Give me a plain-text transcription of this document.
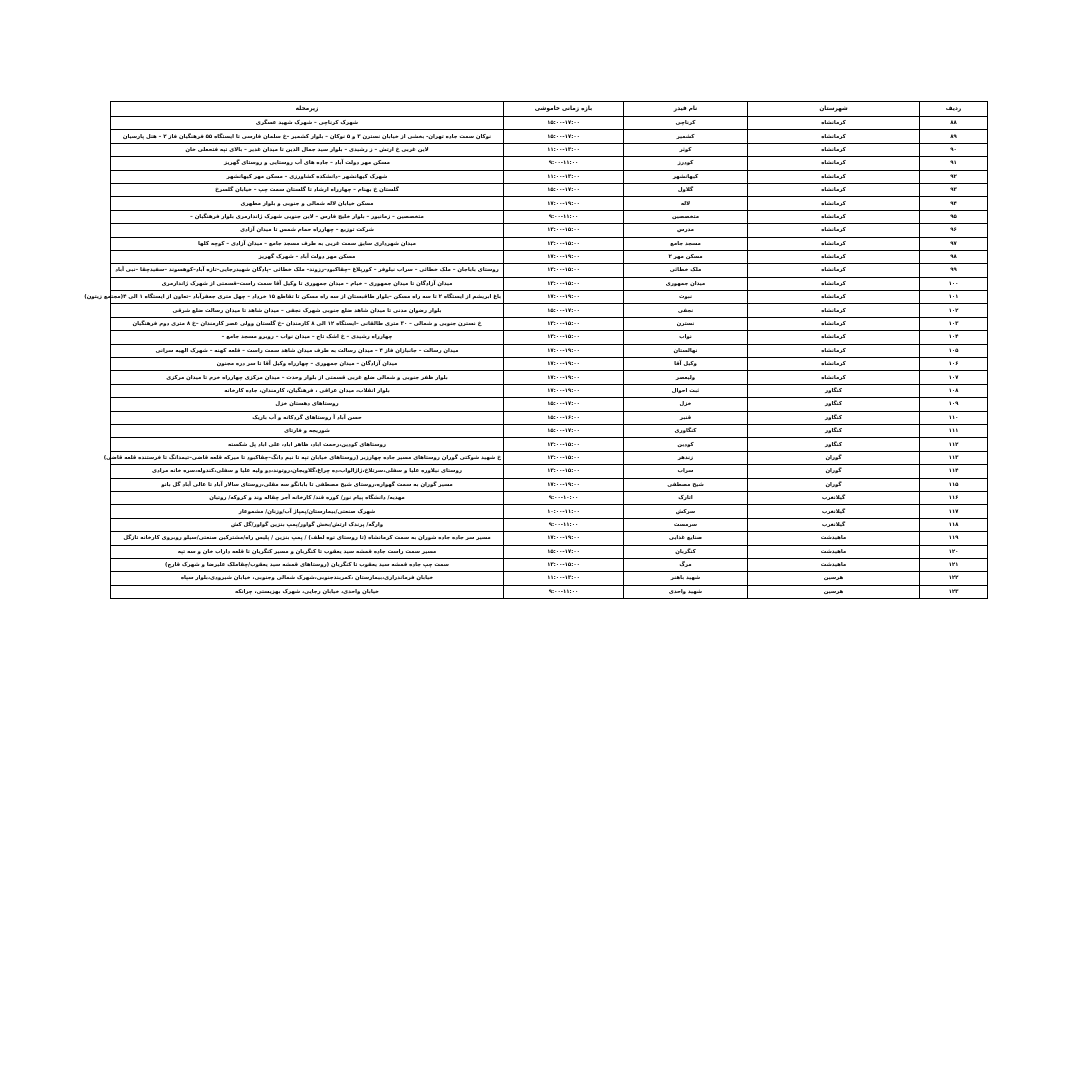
ردیف	شهرستان	نام فیدر	بازه زمانی خاموشی	زیرمحله
۸۸	کرمانشاه	کرناچی	۱۵:۰۰-۱۷:۰۰	شهرک کرناچی – شهرک شهید عسگری
۸۹	کرمانشاه	کشمیر	۱۵:۰۰-۱۷:۰۰	نوکان سمت جاده تهران- بخشی از خیابان نسترن ۳ و ۵ نوکان – بلوار کشمیر –خ سلمان فارسی تا ایستگاه ۵۵ فرهنگیان فاز ۲ – هتل پارسیان
۹۰	کرمانشاه	کوثر	۱۱:۰۰-۱۳:۰۰	لاین غربی خ ارتش – ز رشیدی – بلوار سید جمال الدین تا میدان غدیر – بالای تپه فتحعلی خان
۹۱	کرمانشاه	کودرز	۹:۰۰-۱۱:۰۰	مسکن مهر دولت آباد – جاده های آب روستایی و روستای گهریز
۹۲	کرمانشاه	کیهانشهر	۱۱:۰۰-۱۳:۰۰	شهرک کیهانشهر –دانشکده کشاورزی – مسکن مهر کیهانشهر
۹۳	کرمانشاه	گلاول	۱۵:۰۰-۱۷:۰۰	گلستان خ بهنام – چهارراه ارشاد تا گلستان سمت چپ – خیابان گلسرخ
۹۴	کرمانشاه	لاله	۱۷:۰۰-۱۹:۰۰	مسکن خیابان لاله شمالی و جنوبی و بلوار مطهری
۹۵	کرمانشاه	متخصصین	۹:۰۰-۱۱:۰۰	متخصصین – زمانیور – بلوار خلیج فارس – لاین جنوبی شهرک ژاندارمری بلوار فرهنگیان –
۹۶	کرمانشاه	مدرس	۱۳:۰۰-۱۵:۰۰	شرکت توزیع – چهارراه حمام شمس تا میدان آزادی
۹۷	کرمانشاه	مسجد جامع	۱۳:۰۰-۱۵:۰۰	میدان شهرداری سایق سمت غربی به طرف مسجد جامع – میدان آزادی – کوچه کلها
۹۸	کرمانشاه	مسکن مهر ۲	۱۷:۰۰-۱۹:۰۰	مسکن مهر دولت آباد – شهرک گهریز
۹۹	کرمانشاه	ملک خطائی	۱۳:۰۰-۱۵:۰۰	روستای باباجان – ملک خطائی – سراب نیلوفر – کورپلاغ –چقاکبود–رزوند– ملک خطائی –پادگان شهیدرجایی–تازه آباد–کوهسوند –سفیدچقا –نبی آباد
۱۰۰	کرمانشاه	میدان جمهوری	۱۳:۰۰-۱۵:۰۰	میدان آزادگان تا میدان جمهوری – خیام – میدان جمهوری تا وکیل آقا سمت راست–قسمتی از شهرک ژاندارمری
۱۰۱	کرمانشاه	نبوت	۱۷:۰۰-۱۹:۰۰	باغ ابریشم از ایستگاه ۲ تا سه راه مسکن –بلوار طاقبستان از سه راه مسکن تا تقاطع ۱۵ خرداد – چهل متری جعفرآباد –تعاون از ایستگاه ۱ الی ۴(مجتمع زیتون)
۱۰۲	کرمانشاه	نجفی	۱۵:۰۰-۱۷:۰۰	بلوار رضوان مدنی تا میدان شاهد ضلع جنوبی شهرک نجفی – میدان شاهد تا میدان رسالت ضلع شرقی
۱۰۳	کرمانشاه	نسترن	۱۳:۰۰-۱۵:۰۰	خ نسترن جنوبی و شمالی – ۳۰ متری طالقانی –ایستگاه ۱۲ الی ۸ کارمندان –خ گلستان وولی عصر کارمندان –خ ۸ متری دوم فرهنگیان
۱۰۴	کرمانشاه	نواب	۱۳:۰۰-۱۵:۰۰	چهارراه رشیدی – خ اشک تاج – میدان نواب – روبرو مسجد جامع –
۱۰۵	کرمانشاه	نهالستان	۱۷:۰۰-۱۹:۰۰	میدان رسالت – جانبازان فاز ۴ – میدان رسالت به طرف میدان شاهد سمت راست – قلعه کهنه – شهرک الهیه سرانی
۱۰۶	کرمانشاه	وکیل آقا	۱۷:۰۰-۱۹:۰۰	میدان آزادگان – میدان جمهوری – چهارراه وکیل آقا تا سر دره مجنون
۱۰۷	کرمانشاه	ولیعصر	۱۷:۰۰-۱۹:۰۰	بلوار ظفر جنوبی و شمالی ضلع غربی قسمتی از بلوار وحدت – میدان مرکزی چهارراه خرم تا میدان مرکزی
۱۰۸	کنگاور	ثبت احوال	۱۷:۰۰-۱۹:۰۰	بلوار انقلاب، میدان عراقی ، فرهنگیان، کارمندان، جاده کارخانه
۱۰۹	کنگاور	خزل	۱۵:۰۰-۱۷:۰۰	روستاهای دهستان خزل
۱۱۰	کنگاور	قنبر	۱۵:۰۰-۱۶:۰۰	حسن آباد آ روستاهای گردکانه و آب باریک
۱۱۱	کنگاور	کنگاوری	۱۵:۰۰-۱۷:۰۰	شوریجه و فارتای
۱۱۲	کنگاور	کودین	۱۳:۰۰-۱۵:۰۰	روستاهای کودین،رحمت اباد، ظاهر اباد، علی اباد پل شکسته
۱۱۳	گوران	زندهر	۱۳:۰۰-۱۵:۰۰	خ شهید شوکتی گوران روستاهای مسیر جاده چهارزبر (روستاهای خیابان تپه تا نیم دانگ–چقاکبود تا میرکه قلعه قاضی–تیمدانگ تا فرستنده قلعه قاضی)
۱۱۴	گوران	سراب	۱۳:۰۰-۱۵:۰۰	روستای نیلاوره علیا و سفلی،سرتلاخ،ژاژالواب،ده چراغ،گلاویجان،روتوند،دو ولیه علیا و سفلی،کندوله،سره خانه مرادی
۱۱۵	گوران	شیخ مصطفی	۱۷:۰۰-۱۹:۰۰	مسیر گوران به سمت گهواره،روستای شیخ مصطفی تا بابانگو سه مقلی،روستای سالار آباد تا عالی آباد گل بانو
۱۱۶	گیلانغرب	اتارک	۹:۰۰-۱۰:۰۰	مهدیه/ دانشگاه پیام نور/ کوره قند/ کارخانه آجر چقاله وند و کروکه/ روتیان
۱۱۷	گیلانغرب	سرکش	۱۰:۰۰-۱۱:۰۰	شهرک صنعتی/بیمارستان/پمپاژ آب/وزنان/ مشموعار
۱۱۸	گیلانغرب	سرمست	۹:۰۰-۱۱:۰۰	وارگه/ پرندک ارتش/بخش گواور/پمپ بنزین گواور/گل کش
۱۱۹	ماهیدشت	صنایع غذایی	۱۷:۰۰-۱۹:۰۰	مسیر سر جاده جاده شوران به سمت کرمانشاه (تا روستای توه لطف) / پمپ بنزین / پلیس راه/مشترکین صنعتی/سیلو روبروی کارخانه تازگل
۱۲۰	ماهیدشت	کنگربان	۱۵:۰۰-۱۷:۰۰	مسیر سمت راست جاده قمشه سید یعقوب تا کنگربان و مسیر کنگربان تا قلعه داراب خان و سه تپه
۱۲۱	ماهیدشت	مرگ	۱۳:۰۰-۱۵:۰۰	سمت چپ جاده قمشه سید یعقوب تا کنگربان (روستاهای قمشه سید یعقوب/چقاملک علیرضا و شهرک قارچ)
۱۲۲	هرسین	شهید باهنر	۱۱:۰۰-۱۳:۰۰	خیابان فرماندراری،بیمارستان ،کمربندجنوبی،شهرک شمالی وجنوبی، خیابان شیرودی،بلوار سپاه
۱۲۳	هرسین	شهید واحدی	۹:۰۰-۱۱:۰۰	خیابان واحدی، خیابان رجایی، شهرک بهزیستی، چرانکه
